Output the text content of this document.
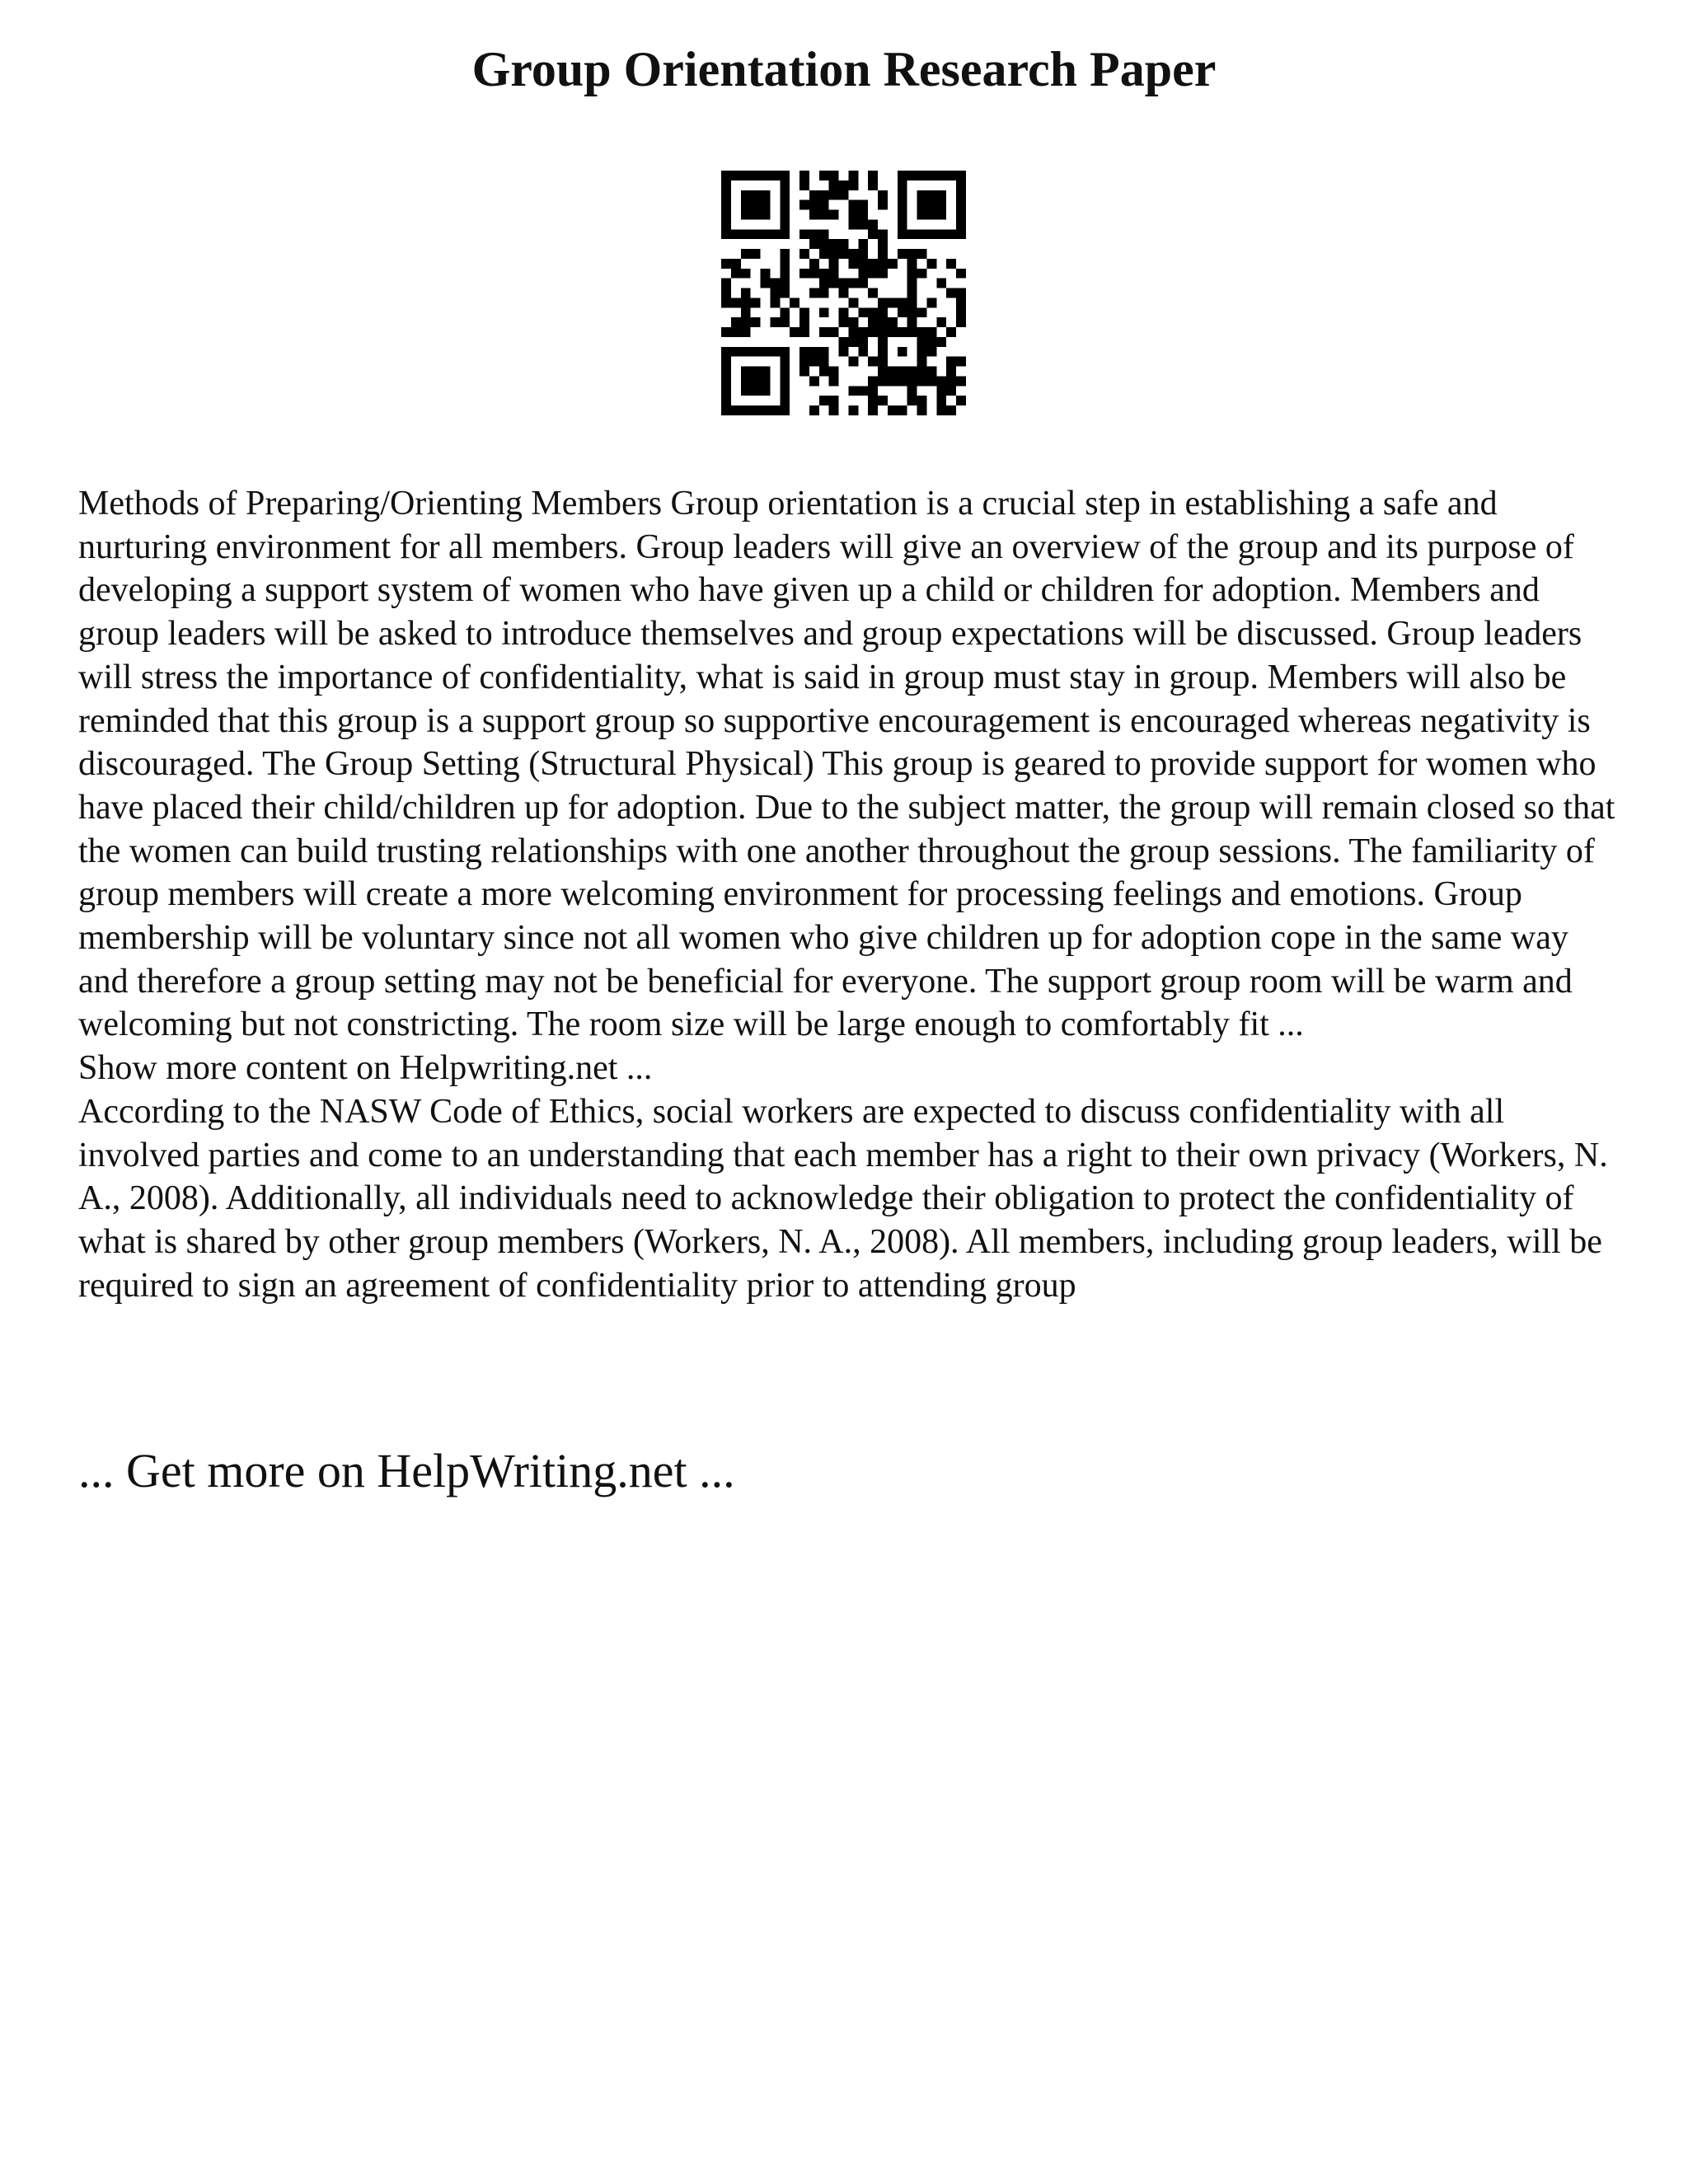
Group Orientation Research Paper

Methods of Preparing/Orienting Members Group orientation is a crucial step in establishing a safe and nurturing environment for all members. Group leaders will give an overview of the group and its purpose of developing a support system of women who have given up a child or children for adoption. Members and group leaders will be asked to introduce themselves and group expectations will be discussed. Group leaders will stress the importance of confidentiality, what is said in group must stay in group. Members will also be reminded that this group is a support group so supportive encouragement is encouraged whereas negativity is discouraged. The Group Setting (Structural Physical) This group is geared to provide support for women who have placed their child/children up for adoption. Due to the subject matter, the group will remain closed so that the women can build trusting relationships with one another throughout the group sessions. The familiarity of group members will create a more welcoming environment for processing feelings and emotions. Group membership will be voluntary since not all women who give children up for adoption cope in the same way and therefore a group setting may not be beneficial for everyone. The support group room will be warm and welcoming but not constricting. The room size will be large enough to comfortably fit ...

Show more content on Helpwriting.net ...

According to the NASW Code of Ethics, social workers are expected to discuss confidentiality with all involved parties and come to an understanding that each member has a right to their own privacy (Workers, N. A., 2008). Additionally, all individuals need to acknowledge their obligation to protect the confidentiality of what is shared by other group members (Workers, N. A., 2008). All members, including group leaders, will be required to sign an agreement of confidentiality prior to attending group

... Get more on HelpWriting.net ...
